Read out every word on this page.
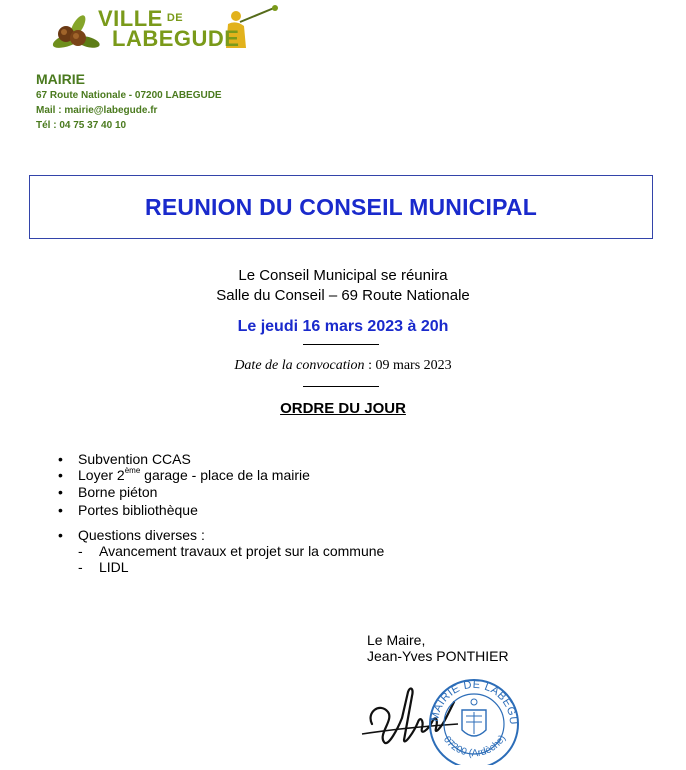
VILLE $^{DE}$
LABEGUDE
MAIRIE
67 Route Nationale - 07200 LABEGUDE
Mail : mairie@labegude.fr
Tél : 04 75 37 40 10
REUNION DU CONSEIL MUNICIPAL
Le Conseil Municipal se réunira
Salle du Conseil – 69 Route Nationale
Le jeudi 16 mars 2023 à 20h
Date de la convocation : 09 mars 2023
ORDRE DU JOUR
• Subvention CCAS
• Loyer 2ème garage - place de la mairie
• Borne piéton
• Portes bibliothèque
• Questions diverses :
- Avancement travaux et projet sur la commune
- LIDL
Le Maire,
Jean-Yves PONTHIER
MAIRIE DE LABEGU
07200 (Ardèche)
